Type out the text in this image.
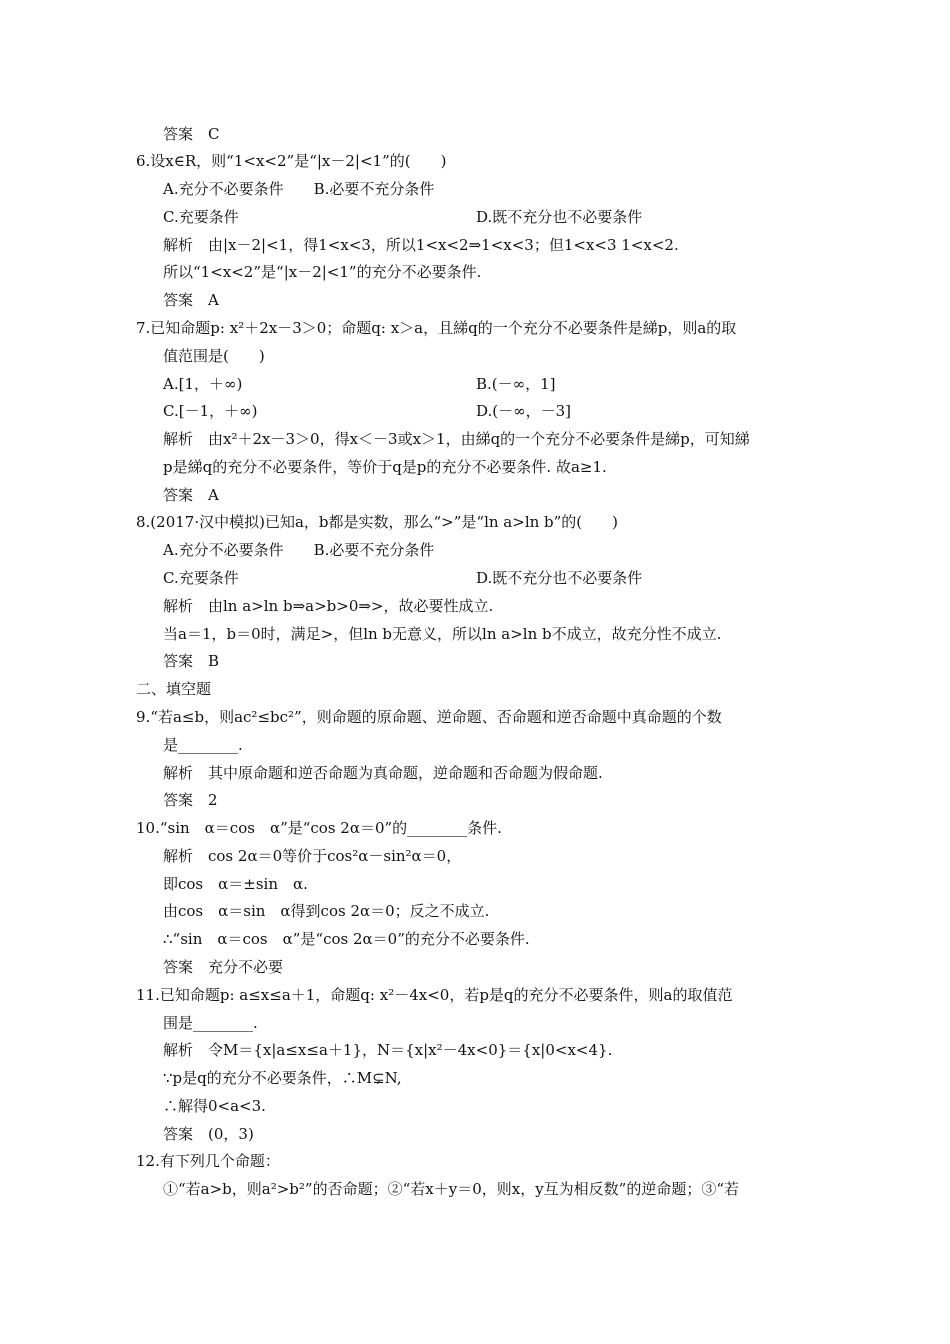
答案　C
6.设x∈R，则“1<x<2”是“|x－2|<1”的(　　)
A.充分不必要条件　　B.必要不充分条件
C.充要条件	D.既不充分也不必要条件
解析　由|x－2|<1，得1<x<3，所以1<x<2⇒1<x<3；但1<x<3 1<x<2.
所以“1<x<2”是“|x－2|<1”的充分不必要条件.
答案　A
7.已知命题p: x²＋2x－3＞0；命题q: x＞a，且綈q的一个充分不必要条件是綈p，则a的取
值范围是(　　)
A.[1，＋∞)	B.(－∞，1]
C.[－1，＋∞)	D.(－∞，－3]
解析　由x²＋2x－3＞0，得x＜－3或x＞1，由綈q的一个充分不必要条件是綈p，可知綈
p是綈q的充分不必要条件，等价于q是p的充分不必要条件. 故a≥1.
答案　A
8.(2017·汉中模拟)已知a，b都是实数，那么“>”是“ln a>ln b”的(　　)
A.充分不必要条件　　B.必要不充分条件
C.充要条件	D.既不充分也不必要条件
解析　由ln a>ln b⇒a>b>0⇒>，故必要性成立.
当a＝1，b＝0时，满足>，但ln b无意义，所以ln a>ln b不成立，故充分性不成立.
答案　B
二、填空题
9.“若a≤b，则ac²≤bc²”，则命题的原命题、逆命题、否命题和逆否命题中真命题的个数
是________.
解析　其中原命题和逆否命题为真命题，逆命题和否命题为假命题.
答案　2
10.“sin　α＝cos　α”是“cos 2α＝0”的________条件.
解析　cos 2α＝0等价于cos²α－sin²α＝0，
即cos　α＝±sin　α.
由cos　α＝sin　α得到cos 2α＝0；反之不成立.
∴“sin　α＝cos　α”是“cos 2α＝0”的充分不必要条件.
答案　充分不必要
11.已知命题p: a≤x≤a＋1，命题q: x²－4x<0，若p是q的充分不必要条件，则a的取值范
围是________.
解析　令M＝{x|a≤x≤a＋1}，N＝{x|x²－4x<0}＝{x|0<x<4}.
∵p是q的充分不必要条件，∴M⊊N,
∴解得0<a<3.
答案　(0，3)
12.有下列几个命题：
①“若a>b，则a²>b²”的否命题；②“若x＋y＝0，则x，y互为相反数”的逆命题；③“若
